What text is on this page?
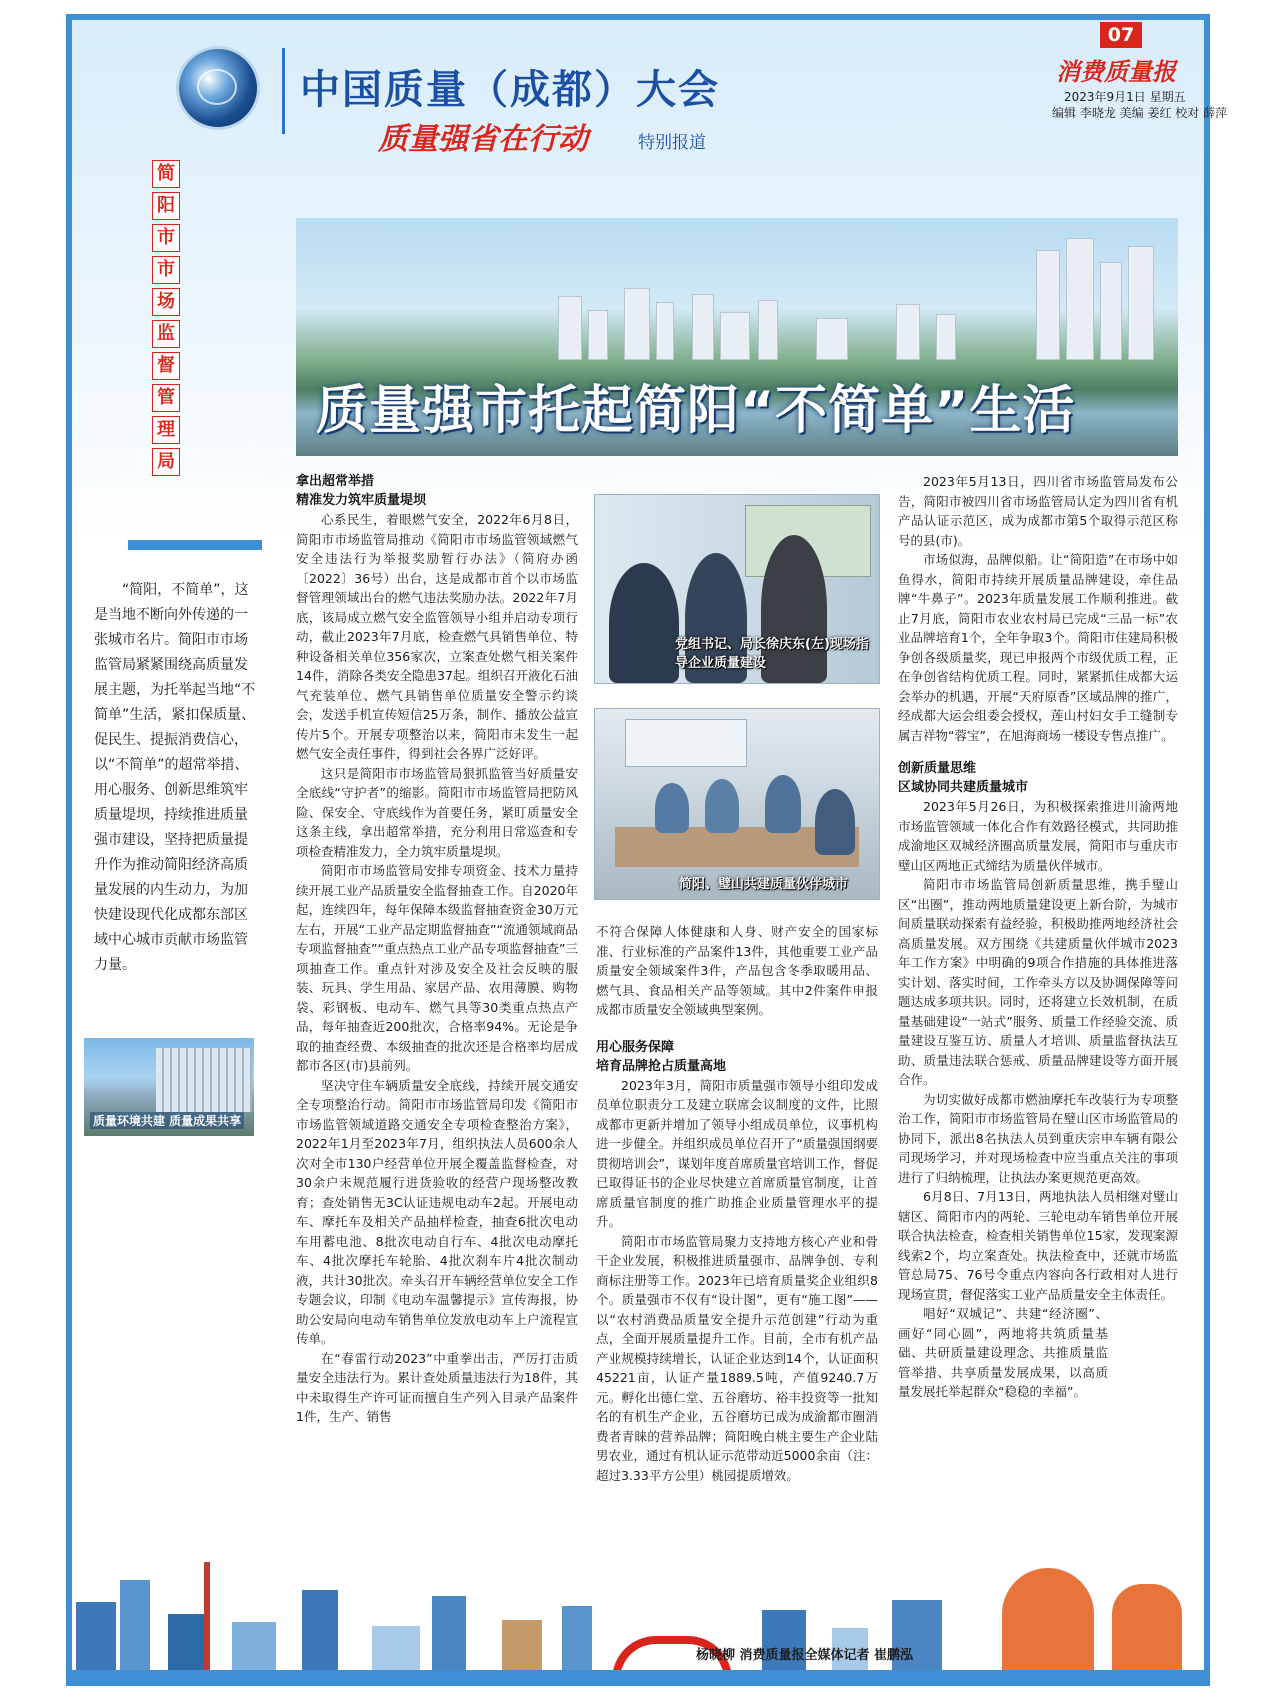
中国质量（成都）大会
质量强省在行动	特别报道
07
消费质量报
2023年9月1日 星期五
编辑 李晓龙 美编 姜红 校对 薛萍
简
阳
市
市
场
监
督
管
理
局
质量强市托起简阳“不简单”生活
“简阳，不简单”，这是当地不断向外传递的一张城市名片。简阳市市场监管局紧紧围绕高质量发展主题，为托举起当地“不简单”生活，紧扣保质量、促民生、提振消费信心，以“不简单”的超常举措、用心服务、创新思维筑牢质量堤坝，持续推进质量强市建设，坚持把质量提升作为推动简阳经济高质量发展的内生动力，为加快建设现代化成都东部区域中心城市贡献市场监管力量。
质量环境共建 质量成果共享
拿出超常举措
精准发力筑牢质量堤坝

心系民生，着眼燃气安全，2022年6月8日，简阳市市场监管局推动《简阳市市场监管领域燃气安全违法行为举报奖励暂行办法》（简府办函〔2022〕36号）出台，这是成都市首个以市场监督管理领域出台的燃气违法奖励办法。2022年7月底，该局成立燃气安全监管领导小组并启动专项行动，截止2023年7月底，检查燃气具销售单位、特种设备相关单位356家次，立案查处燃气相关案件14件，消除各类安全隐患37起。组织召开液化石油气充装单位、燃气具销售单位质量安全警示约谈会，发送手机宣传短信25万条，制作、播放公益宣传片5个。开展专项整治以来，简阳市未发生一起燃气安全责任事件，得到社会各界广泛好评。

这只是简阳市市场监管局狠抓监管当好质量安全底线“守护者”的缩影。简阳市市场监管局把防风险、保安全、守底线作为首要任务，紧盯质量安全这条主线，拿出超常举措，充分利用日常巡查和专项检查精准发力，全力筑牢质量堤坝。

简阳市市场监管局安排专项资金、技术力量持续开展工业产品质量安全监督抽查工作。自2020年起，连续四年，每年保障本级监督抽查资金30万元左右，开展“工业产品定期监督抽查”“流通领域商品专项监督抽查”“重点热点工业产品专项监督抽查”三项抽查工作。重点针对涉及安全及社会反映的服装、玩具、学生用品、家居产品、农用薄膜、购物袋、彩钢板、电动车、燃气具等30类重点热点产品，每年抽查近200批次，合格率94%。无论是争取的抽查经费、本级抽查的批次还是合格率均居成都市各区(市)县前列。

坚决守住车辆质量安全底线，持续开展交通安全专项整治行动。简阳市市场监管局印发《简阳市市场监管领域道路交通安全专项检查整治方案》，2022年1月至2023年7月，组织执法人员600余人次对全市130户经营单位开展全覆盖监督检查，对30余户未规范履行进货验收的经营户现场整改教育；查处销售无3C认证违规电动车2起。开展电动车、摩托车及相关产品抽样检查，抽查6批次电动车用蓄电池、8批次电动自行车、4批次电动摩托车、4批次摩托车轮胎、4批次刹车片4批次制动液，共计30批次。牵头召开车辆经营单位安全工作专题会议，印制《电动车温馨提示》宣传海报，协助公安局向电动车销售单位发放电动车上户流程宣传单。

在“春雷行动2023”中重拳出击，严厉打击质量安全违法行为。累计查处质量违法行为18件，其中未取得生产许可证而擅自生产列入目录产品案件1件，生产、销售

党组书记、局长徐庆东(左)现场指导企业质量建设
简阳、璧山共建质量伙伴城市

不符合保障人体健康和人身、财产安全的国家标准、行业标准的产品案件13件，其他重要工业产品质量安全领域案件3件，产品包含冬季取暖用品、燃气具、食品相关产品等领域。其中2件案件申报成都市质量安全领域典型案例。

用心服务保障
培育品牌抢占质量高地

2023年3月，简阳市质量强市领导小组印发成员单位职责分工及建立联席会议制度的文件，比照成都市更新并增加了领导小组成员单位，议事机构进一步健全。并组织成员单位召开了“质量强国纲要贯彻培训会”，谋划年度首席质量官培训工作，督促已取得证书的企业尽快建立首席质量官制度，让首席质量官制度的推广助推企业质量管理水平的提升。

简阳市市场监管局聚力支持地方核心产业和骨干企业发展，积极推进质量强市、品牌争创、专利商标注册等工作。2023年已培育质量奖企业组织8个。质量强市不仅有“设计图”，更有“施工图”——以“农村消费品质量安全提升示范创建”行动为重点，全面开展质量提升工作。目前，全市有机产品产业规模持续增长，认证企业达到14个，认证面积45221亩，认证产量1889.5吨，产值9240.7万元。孵化出德仁堂、五谷磨坊、裕丰投资等一批知名的有机生产企业，五谷磨坊已成为成渝都市圈消费者青睐的营养品牌；简阳晚白桃主要生产企业陆男农业，通过有机认证示范带动近5000余亩（注：超过3.33平方公里）桃园提质增效。

2023年5月13日，四川省市场监管局发布公告，简阳市被四川省市场监管局认定为四川省有机产品认证示范区，成为成都市第5个取得示范区称号的县(市)。

市场似海，品牌似船。让“简阳造”在市场中如鱼得水，简阳市持续开展质量品牌建设，牵住品牌“牛鼻子”。2023年质量发展工作顺利推进。截止7月底，简阳市农业农村局已完成“三品一标”农业品牌培育1个，全年争取3个。简阳市住建局积极争创各级质量奖，现已申报两个市级优质工程，正在争创省结构优质工程。同时，紧紧抓住成都大运会举办的机遇，开展“天府原香”区域品牌的推广，经成都大运会组委会授权，莲山村妇女手工缝制专属吉祥物“蓉宝”，在旭海商场一楼设专售点推广。

创新质量思维
区域协同共建质量城市

2023年5月26日，为积极探索推进川渝两地市场监管领域一体化合作有效路径模式，共同助推成渝地区双城经济圈高质量发展，简阳市与重庆市璧山区两地正式缔结为质量伙伴城市。

简阳市市场监管局创新质量思维，携手璧山区“出圈”，推动两地质量建设更上新台阶，为城市间质量联动探索有益经验，积极助推两地经济社会高质量发展。双方围绕《共建质量伙伴城市2023年工作方案》中明确的9项合作措施的具体推进落实计划、落实时间，工作牵头方以及协调保障等问题达成多项共识。同时，还将建立长效机制，在质量基础建设“一站式”服务、质量工作经验交流、质量建设互鉴互访、质量人才培训、质量监督执法互助、质量违法联合惩戒、质量品牌建设等方面开展合作。

为切实做好成都市燃油摩托车改装行为专项整治工作，简阳市市场监管局在璧山区市场监管局的协同下，派出8名执法人员到重庆宗申车辆有限公司现场学习，并对现场检查中应当重点关注的事项进行了归纳梳理，让执法办案更规范更高效。

6月8日、7月13日，两地执法人员相继对璧山辖区、简阳市内的两轮、三轮电动车销售单位开展联合执法检查，检查相关销售单位15家，发现案源线索2个，均立案查处。执法检查中，还就市场监管总局75、76号令重点内容向各行政相对人进行现场宣贯，督促落实工业产品质量安全主体责任。

唱好“双城记”、共建“经济圈”、画好“同心圆”，两地将共筑质量基础、共研质量建设理念、共推质量监管举措、共享质量发展成果，以高质量发展托举起群众“稳稳的幸福”。

杨晓柳 消费质量报全媒体记者 崔鹏泓
